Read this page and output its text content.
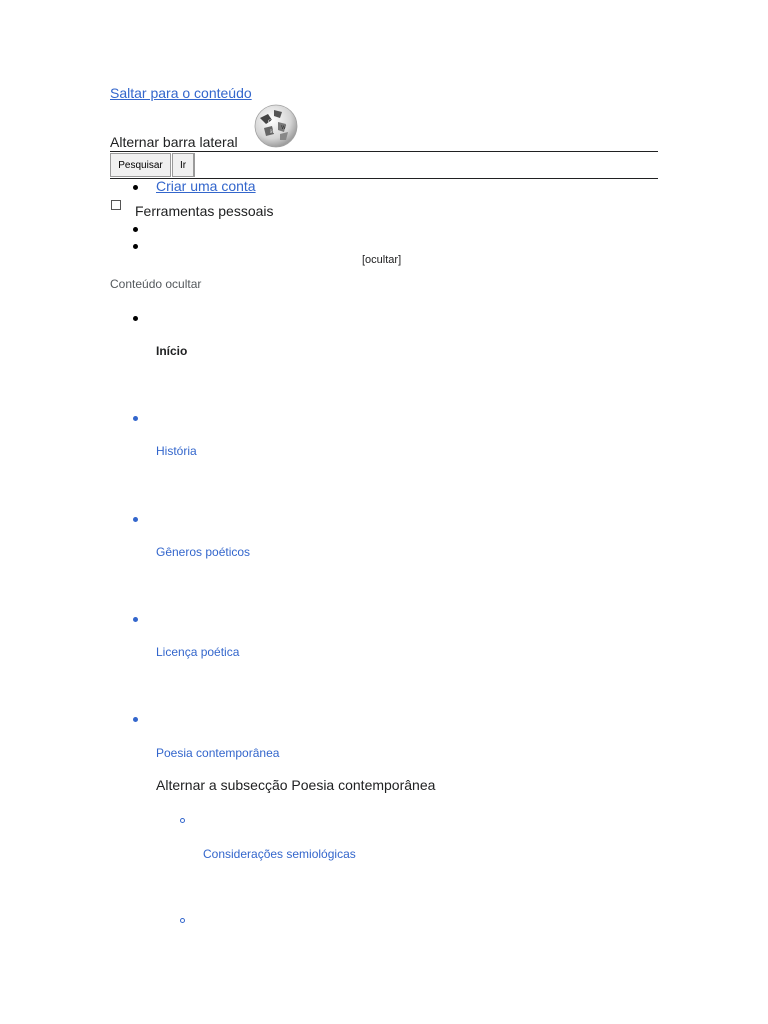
Saltar para o conteúdo
Alternar barra lateral
Ω
W
И
Pesquisar	Ir
Criar uma conta
Ferramentas pessoais
[ocultar]
Conteúdo ocultar
Início
História
Gêneros poéticos
Licença poética
Poesia contemporânea
Alternar a subsecção Poesia contemporânea
Considerações semiológicas
